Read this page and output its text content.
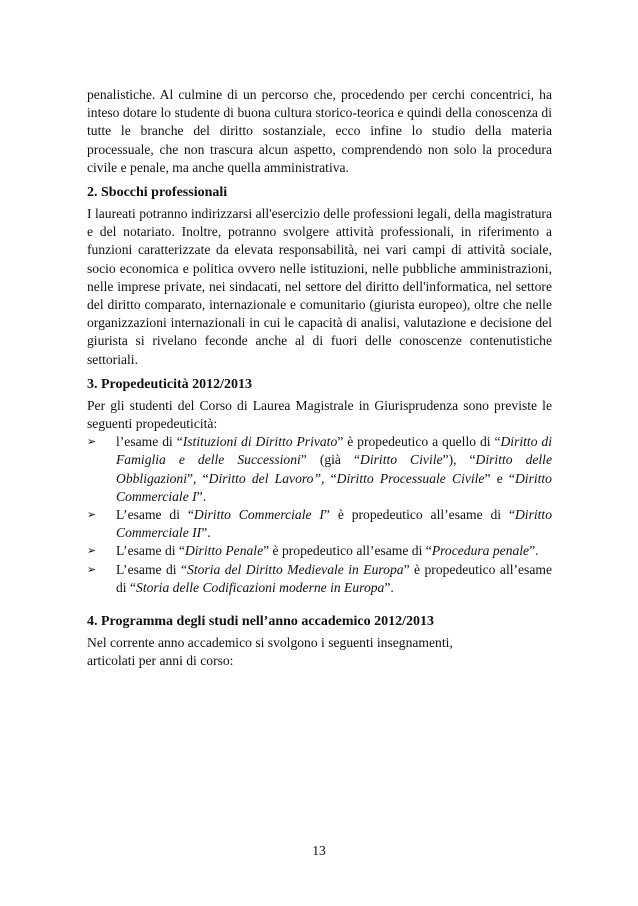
penalistiche. Al culmine di un percorso che, procedendo per cerchi concentrici, ha inteso dotare lo studente di buona cultura storico-teorica e quindi della conoscenza di tutte le branche del diritto sostanziale, ecco infine lo studio della materia processuale, che non trascura alcun aspetto, comprendendo non solo la procedura civile e penale, ma anche quella amministrativa.

2. Sbocchi professionali

I laureati potranno indirizzarsi all'esercizio delle professioni legali, della magistratura e del notariato. Inoltre, potranno svolgere attività professionali, in riferimento a funzioni caratterizzate da elevata responsabilità, nei vari campi di attività sociale, socio economica e politica ovvero nelle istituzioni, nelle pubbliche amministrazioni, nelle imprese private, nei sindacati, nel settore del diritto dell'informatica, nel settore del diritto comparato, internazionale e comunitario (giurista europeo), oltre che nelle organizzazioni internazionali in cui le capacità di analisi, valutazione e decisione del giurista si rivelano feconde anche al di fuori delle conoscenze contenutistiche settoriali.

3. Propedeuticità 2012/2013

Per gli studenti del Corso di Laurea Magistrale in Giurisprudenza sono previste le seguenti propedeuticità:

➢ l’esame di “Istituzioni di Diritto Privato” è propedeutico a quello di “Diritto di Famiglia e delle Successioni” (già “Diritto Civile”), “Diritto delle Obbligazioni”, “Diritto del Lavoro”, “Diritto Processuale Civile” e “Diritto Commerciale I”.
➢ L’esame di “Diritto Commerciale I” è propedeutico all’esame di “Diritto Commerciale II”.
➢ L’esame di “Diritto Penale” è propedeutico all’esame di “Procedura penale”.
➢ L’esame di “Storia del Diritto Medievale in Europa” è propedeutico all’esame di “Storia delle Codificazioni moderne in Europa”.
4. Programma degli studi nell’anno accademico 2012/2013

Nel corrente anno accademico si svolgono i seguenti insegnamenti,

articolati per anni di corso:

13
